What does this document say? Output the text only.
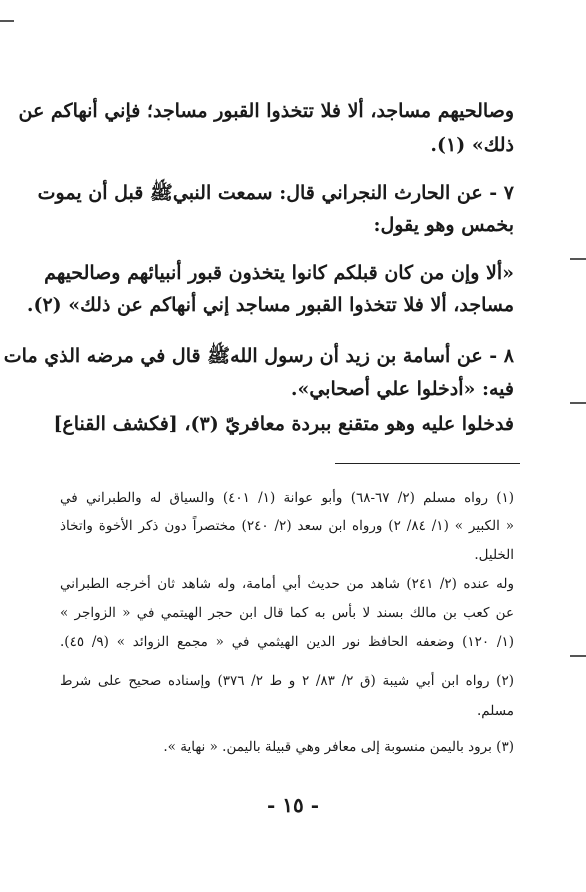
وصالحيهم مساجد، ألا فلا تتخذوا القبور مساجد؛ فإني أنهاكم عن
ذلك» (١).
٧ - عن الحارث النجراني قال: سمعت النبيﷺ قبل أن يموت
بخمس وهو يقول:
«ألا وإن من كان قبلكم كانوا يتخذون قبور أنبيائهم وصالحيهم
مساجد، ألا فلا تتخذوا القبور مساجد إني أنهاكم عن ذلك» (٢).
٨ - عن أسامة بن زيد أن رسول اللهﷺ قال في مرضه الذي مات
فيه: «أدخلوا علي أصحابي».
فدخلوا عليه وهو متقنع ببردة معافريّ (٣)، [فكشف القناع]
(١) رواه مسلم (٢/ ٦٧-٦٨) وأبو عوانة (١/ ٤٠١) والسياق له والطبراني في
« الكبير » (١/ ٨٤/ ٢) ورواه ابن سعد (٢/ ٢٤٠) مختصراً دون ذكر الأخوة واتخاذ
الخليل.
وله عنده (٢/ ٢٤١) شاهد من حديث أبي أمامة، وله شاهد ثان أخرجه الطبراني
عن كعب بن مالك بسند لا بأس به كما قال ابن حجر الهيتمي في « الزواجر »
(١/ ١٢٠) وضعفه الحافظ نور الدين الهيثمي في « مجمع الزوائد » (٩/ ٤٥).
(٢) رواه ابن أبي شيبة (ق ٢/ ٨٣/ ٢ و ط ٢/ ٣٧٦) وإسناده صحيح على شرط
مسلم.
(٣) برود باليمن منسوبة إلى معافر وهي قبيلة باليمن. « نهاية ».
- ١٥ -
